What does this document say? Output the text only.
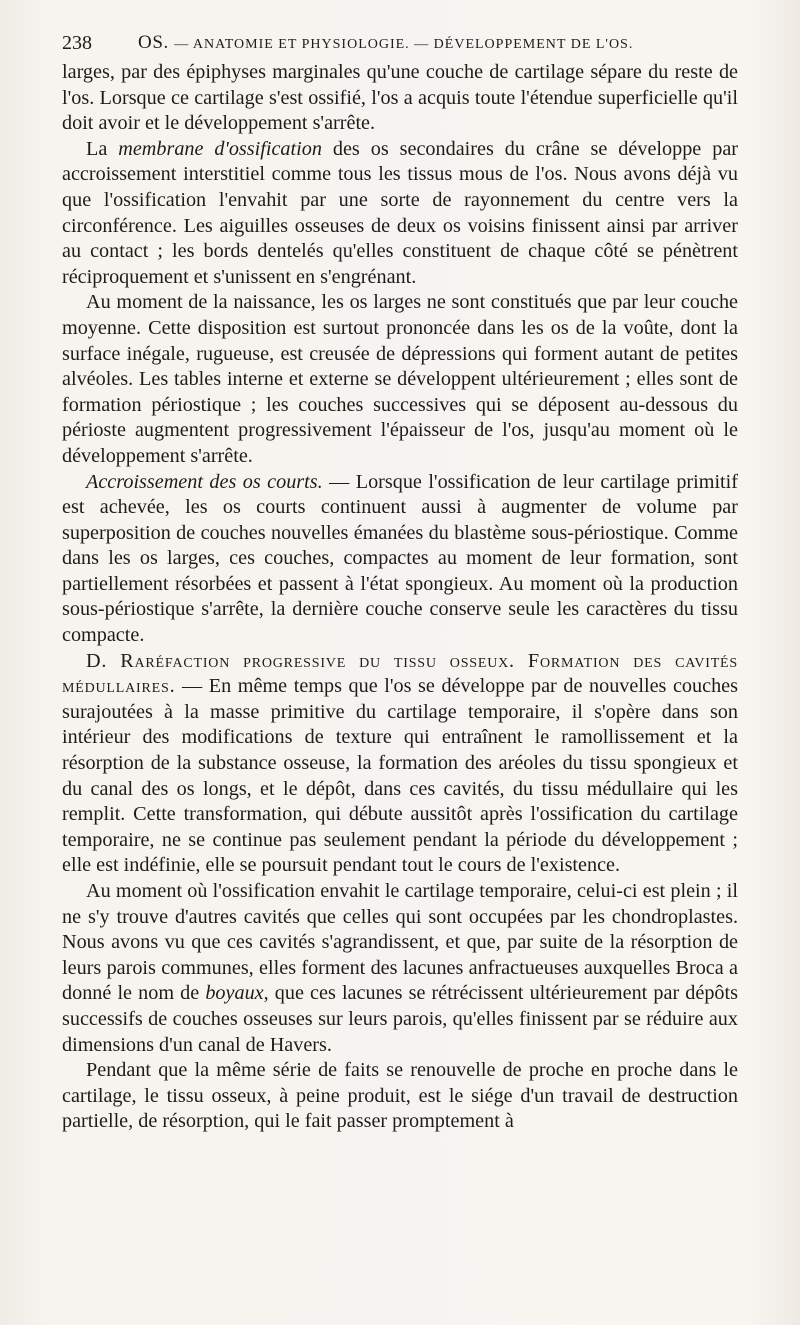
238 OS. — ANATOMIE ET PHYSIOLOGIE. — DÉVELOPPEMENT DE L'OS.

larges, par des épiphyses marginales qu'une couche de cartilage sépare du reste de l'os. Lorsque ce cartilage s'est ossifié, l'os a acquis toute l'étendue superficielle qu'il doit avoir et le développement s'arrête.

La membrane d'ossification des os secondaires du crâne se développe par accroissement interstitiel comme tous les tissus mous de l'os. Nous avons déjà vu que l'ossification l'envahit par une sorte de rayonnement du centre vers la circonférence. Les aiguilles osseuses de deux os voisins finissent ainsi par arriver au contact ; les bords dentelés qu'elles constituent de chaque côté se pénètrent réciproquement et s'unissent en s'engrénant.

Au moment de la naissance, les os larges ne sont constitués que par leur couche moyenne. Cette disposition est surtout prononcée dans les os de la voûte, dont la surface inégale, rugueuse, est creusée de dépressions qui forment autant de petites alvéoles. Les tables interne et externe se développent ultérieurement ; elles sont de formation périostique ; les couches successives qui se déposent au-dessous du périoste augmentent progressivement l'épaisseur de l'os, jusqu'au moment où le développement s'arrête.

Accroissement des os courts. — Lorsque l'ossification de leur cartilage primitif est achevée, les os courts continuent aussi à augmenter de volume par superposition de couches nouvelles émanées du blastème sous-périostique. Comme dans les os larges, ces couches, compactes au moment de leur formation, sont partiellement résorbées et passent à l'état spongieux. Au moment où la production sous-périostique s'arrête, la dernière couche conserve seule les caractères du tissu compacte.

D. Raréfaction progressive du tissu osseux. Formation des cavités médullaires. — En même temps que l'os se développe par de nouvelles couches surajoutées à la masse primitive du cartilage temporaire, il s'opère dans son intérieur des modifications de texture qui entraînent le ramollissement et la résorption de la substance osseuse, la formation des aréoles du tissu spongieux et du canal des os longs, et le dépôt, dans ces cavités, du tissu médullaire qui les remplit. Cette transformation, qui débute aussitôt après l'ossification du cartilage temporaire, ne se continue pas seulement pendant la période du développement ; elle est indéfinie, elle se poursuit pendant tout le cours de l'existence.

Au moment où l'ossification envahit le cartilage temporaire, celui-ci est plein ; il ne s'y trouve d'autres cavités que celles qui sont occupées par les chondroplastes. Nous avons vu que ces cavités s'agrandissent, et que, par suite de la résorption de leurs parois communes, elles forment des lacunes anfractueuses auxquelles Broca a donné le nom de boyaux, que ces lacunes se rétrécissent ultérieurement par dépôts successifs de couches osseuses sur leurs parois, qu'elles finissent par se réduire aux dimensions d'un canal de Havers.

Pendant que la même série de faits se renouvelle de proche en proche dans le cartilage, le tissu osseux, à peine produit, est le siége d'un travail de destruction partielle, de résorption, qui le fait passer promptement à
